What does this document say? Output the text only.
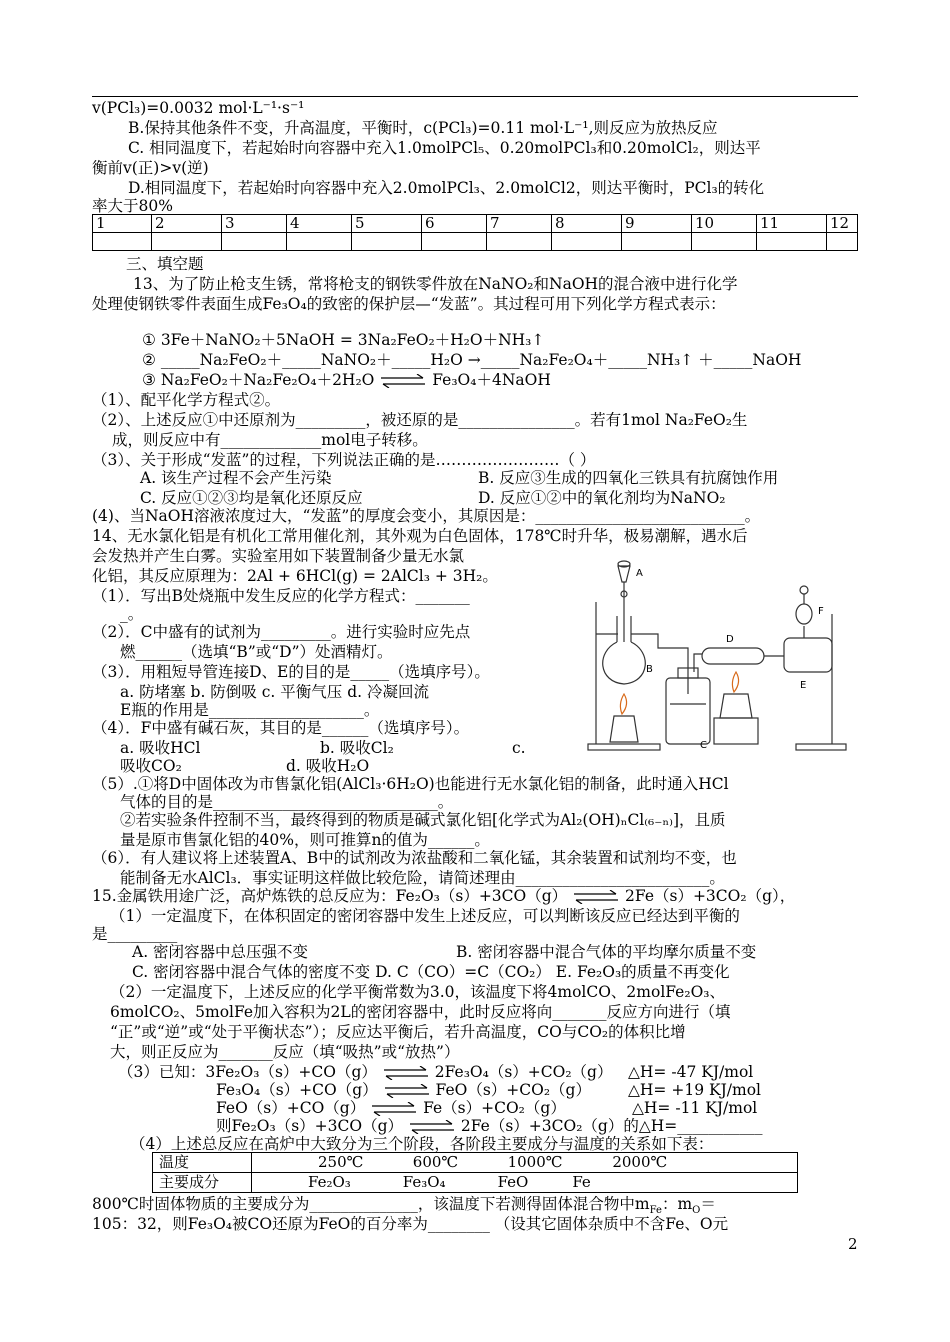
v(PCl₃)=0.0032 mol·L⁻¹·s⁻¹
B.保持其他条件不变，升高温度，平衡时，c(PCl₃)=0.11 mol·L⁻¹,则反应为放热反应
C. 相同温度下，若起始时向容器中充入1.0molPCl₅、0.20molPCl₃和0.20molCl₂，则达平
衡前v(正)>v(逆)
D.相同温度下，若起始时向容器中充入2.0molPCl₃、2.0molCl2，则达平衡时，PCl₃的转化
率大于80%
1	2	3	4	5	6	7	8	9	10	11	12

三、填空题
13、为了防止枪支生锈，常将枪支的钢铁零件放在NaNO₂和NaOH的混合液中进行化学
处理使钢铁零件表面生成Fe₃O₄的致密的保护层—“发蓝”。其过程可用下列化学方程式表示：
① 3Fe＋NaNO₂＋5NaOH = 3Na₂FeO₂＋H₂O＋NH₃↑
② _____Na₂FeO₂＋_____NaNO₂＋_____H₂O →_____Na₂Fe₂O₄＋_____NH₃↑ ＋_____NaOH
③ Na₂FeO₂＋Na₂Fe₂O₄＋2H₂O ⇌ Fe₃O₄＋4NaOH
（1）、配平化学方程式②。
（2）、上述反应①中还原剂为_________，被还原的是_______________。若有1mol Na₂FeO₂生
成，则反应中有_____________mol电子转移。
（3）、关于形成“发蓝”的过程，下列说法正确的是……………………（ ）
A. 该生产过程不会产生污染	B. 反应③生成的四氧化三铁具有抗腐蚀作用
C. 反应①②③均是氧化还原反应	D. 反应①②中的氧化剂均为NaNO₂
(4)、当NaOH溶液浓度过大，“发蓝”的厚度会变小，其原因是：___________________________。
14、无水氯化铝是有机化工常用催化剂，其外观为白色固体，178℃时升华，极易潮解，遇水后
会发热并产生白雾。实验室用如下装置制备少量无水氯
化铝，其反应原理为：2Al + 6HCl(g) = 2AlCl₃ + 3H₂。
（1）．写出B处烧瓶中发生反应的化学方程式：_______
_。
（2）．C中盛有的试剂为_________。进行实验时应先点
燃______（选填“B”或“D”）处酒精灯。
（3）．用粗短导管连接D、E的目的是_____（选填序号）。
a. 防堵塞 b. 防倒吸 c. 平衡气压 d. 冷凝回流
E瓶的作用是____________________。
（4）．F中盛有碱石灰，其目的是______（选填序号）。
a. 吸收HCl	b. 吸收Cl₂	c.
吸收CO₂	d. 吸收H₂O
（5）.①将D中固体改为市售氯化铝(AlCl₃·6H₂O)也能进行无水氯化铝的制备，此时通入HCl
气体的目的是_____________________________。
②若实验条件控制不当，最终得到的物质是碱式氯化铝[化学式为Al₂(OH)ₙCl₍₆₋ₙ₎]，且质
量是原市售氯化铝的40%，则可推算n的值为______。
（6）．有人建议将上述装置A、B中的试剂改为浓盐酸和二氧化锰，其余装置和试剂均不变，也
能制备无水AlCl₃．事实证明这样做比较危险，请简述理由_________________________。
A
B
C
D
E
F
15.金属铁用途广泛，高炉炼铁的总反应为：Fe₂O₃（s）+3CO（g） ⇌ 2Fe（s）+3CO₂（g），
（1）一定温度下，在体积固定的密闭容器中发生上述反应，可以判断该反应已经达到平衡的
是_________
A. 密闭容器中总压强不变	B. 密闭容器中混合气体的平均摩尔质量不变
C. 密闭容器中混合气体的密度不变 D. C（CO）=C（CO₂） E. Fe₂O₃的质量不再变化
（2）一定温度下，上述反应的化学平衡常数为3.0，该温度下将4molCO、2molFe₂O₃、
6molCO₂、5molFe加入容积为2L的密闭容器中，此时反应将向_______反应方向进行（填
“正”或“逆”或“处于平衡状态”）；反应达平衡后，若升高温度，CO与CO₂的体积比增
大，则正反应为_______反应（填“吸热”或“放热”）
（3）已知：3Fe₂O₃（s）+CO（g） ⇌ 2Fe₃O₄（s）+CO₂（g） △H= -47 KJ/mol
Fe₃O₄（s）+CO（g） ⇌ FeO（s）+CO₂（g） △H= +19 KJ/mol
FeO（s）+CO（g） ⇌ Fe（s）+CO₂（g）	△H= -11 KJ/mol
则Fe₂O₃（s）+3CO（g） ⇌ 2Fe（s）+3CO₂（g）的△H=___________
（4）上述总反应在高炉中大致分为三个阶段，各阶段主要成分与温度的关系如下表：
温度	250℃ 600℃ 1000℃ 2000℃
主要成分	Fe₂O₃ Fe₃O₄ FeO Fe
800℃时固体物质的主要成分为______________，该温度下若测得固体混合物中$m_{Fe}$：$m_O=$
105：32，则Fe₃O₄被CO还原为FeO的百分率为________ （设其它固体杂质中不含Fe、O元
2
